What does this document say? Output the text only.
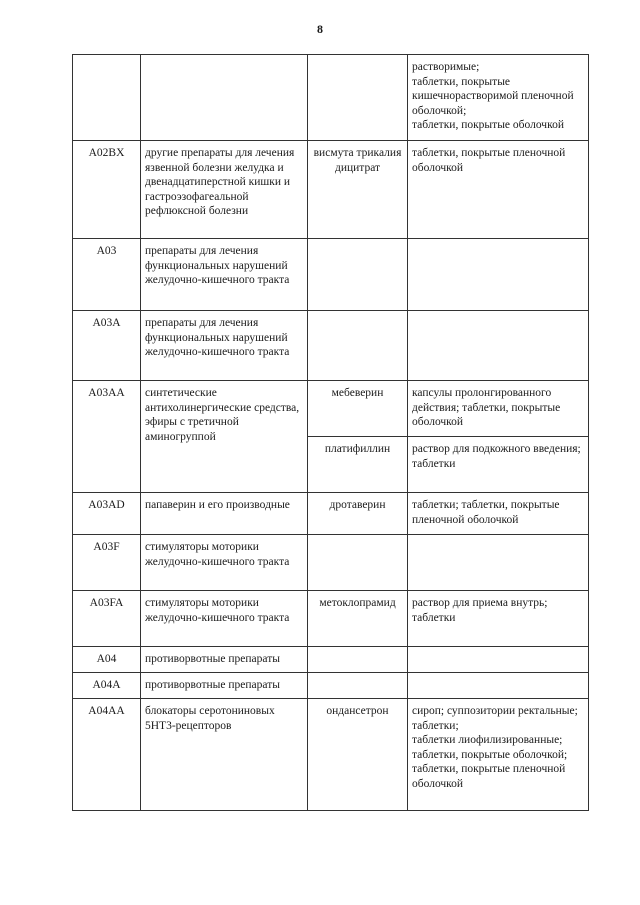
8
			растворимые;
таблетки, покрытые кишечнорастворимой пленочной оболочкой;
таблетки, покрытые оболочкой
A02BX	другие препараты для лечения язвенной болезни желудка и двенадцатиперстной кишки и гастроэзофагеальной рефлюксной болезни	висмута трикалия дицитрат	таблетки, покрытые пленочной оболочкой
A03	препараты для лечения функциональных нарушений желудочно-кишечного тракта		
A03A	препараты для лечения функциональных нарушений желудочно-кишечного тракта		
A03AA	синтетические антихолинергические средства, эфиры с третичной аминогруппой	мебеверин	капсулы пролонгированного действия; таблетки, покрытые оболочкой
		платифиллин	раствор для подкожного введения;
таблетки
A03AD	папаверин и его производные	дротаверин	таблетки; таблетки, покрытые пленочной оболочкой
A03F	стимуляторы моторики желудочно-кишечного тракта		
A03FA	стимуляторы моторики желудочно-кишечного тракта	метоклопрамид	раствор для приема внутрь; таблетки
A04	противорвотные препараты		
A04A	противорвотные препараты		
A04AA	блокаторы серотониновых 5HT3-рецепторов	ондансетрон	сироп; суппозитории ректальные; таблетки;
таблетки лиофилизированные;
таблетки, покрытые оболочкой; таблетки, покрытые пленочной оболочкой
